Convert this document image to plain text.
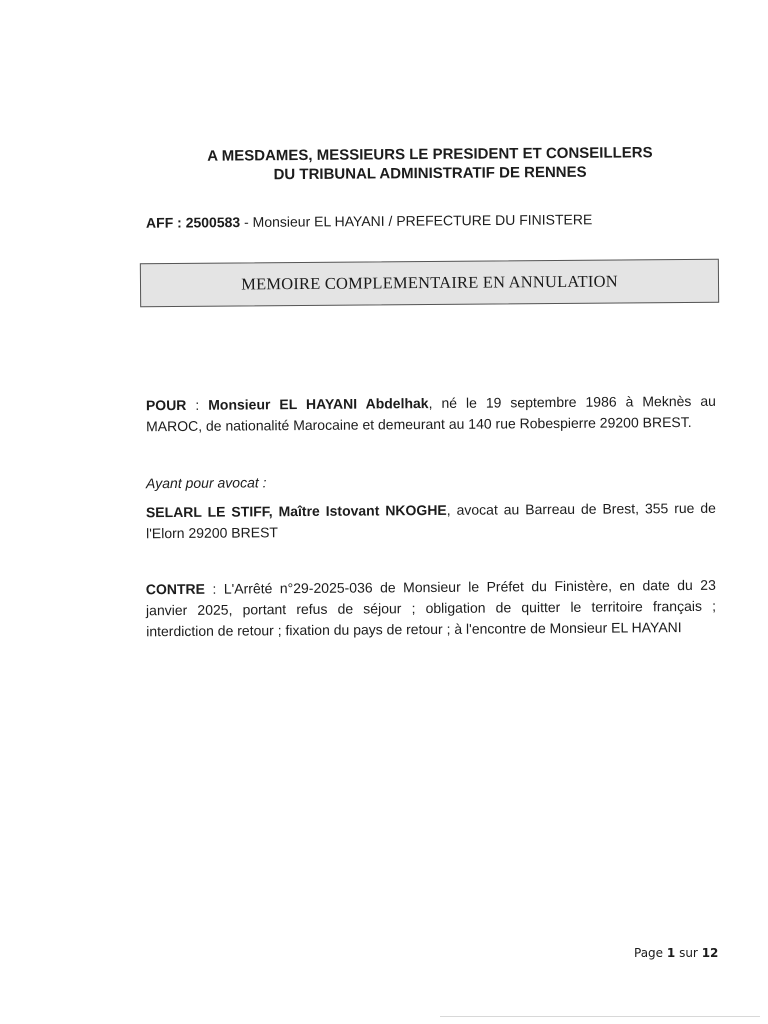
A MESDAMES, MESSIEURS LE PRESIDENT ET CONSEILLERS
DU TRIBUNAL ADMINISTRATIF DE RENNES
AFF : 2500583 - Monsieur EL HAYANI / PREFECTURE DU FINISTERE
MEMOIRE COMPLEMENTAIRE EN ANNULATION
POUR : Monsieur EL HAYANI Abdelhak, né le 19 septembre 1986 à Meknès au
MAROC, de nationalité Marocaine et demeurant au 140 rue Robespierre 29200 BREST.
Ayant pour avocat :
SELARL LE STIFF, Maître Istovant NKOGHE, avocat au Barreau de Brest, 355 rue de
l'Elorn 29200 BREST
CONTRE : L'Arrêté n°29-2025-036 de Monsieur le Préfet du Finistère, en date du 23
janvier 2025, portant refus de séjour ; obligation de quitter le territoire français ;
interdiction de retour ; fixation du pays de retour ; à l'encontre de Monsieur EL HAYANI
Page 1 sur 12
